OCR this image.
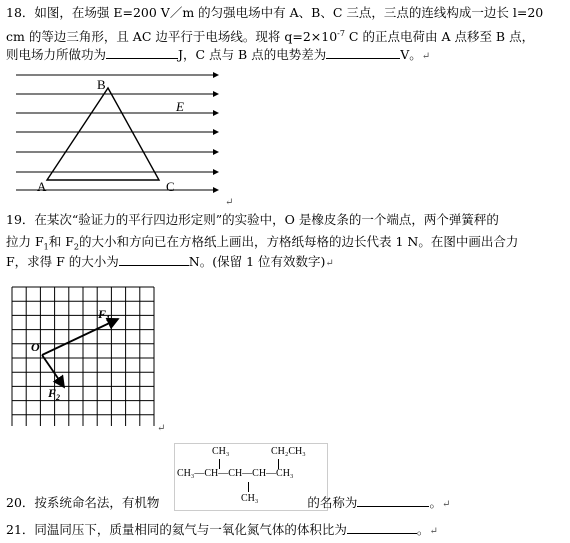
18．如图，在场强 E=200 V／m 的匀强电场中有 A、B、C 三点，三点的连线构成一边长 l=20
cm 的等边三角形，且 AC 边平行于电场线。现将 $q=2\times 10^{-7}$ C 的正点电荷由 A 点移至 B 点，
则电场力所做功为	J，C 点与 B 点的电势差为	V。↵
B
A	C
E
↵
19．在某次“验证力的平行四边形定则”的实验中，O 是橡皮条的一个端点，两个弹簧秤的
拉力 $F_1$和 $F_2$的大小和方向已在方格纸上画出，方格纸每格的边长代表 1 N。在图中画出合力
F，求得 F 的大小为	N。(保留 1 位有效数字)↵
O
$F_1$
$F_2$
↵
CH₃	CH₂CH₃
CH₃—CH—CH—CH—CH₃
CH₃
20．按系统命名法，有机物	的名称为	。↵
21．同温同压下，质量相同的氦气与一氧化氮气体的体积比为	。↵
